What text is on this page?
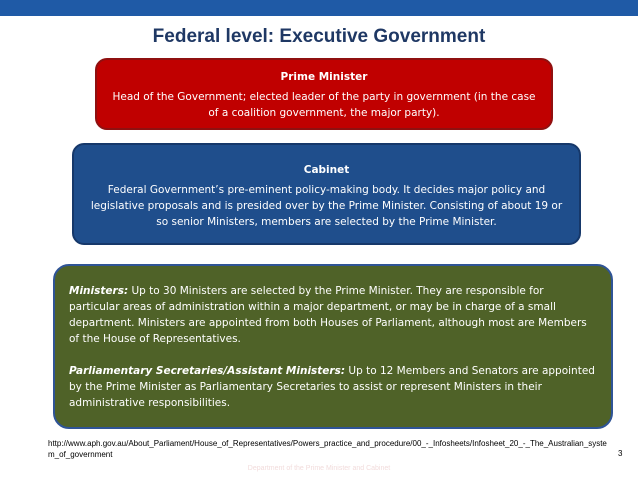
Federal level: Executive Government
Prime Minister
Head of the Government; elected leader of the party in government (in the case of a coalition government, the major party).
Cabinet
Federal Government’s pre-eminent policy-making body. It decides major policy and legislative proposals and is presided over by the Prime Minister. Consisting of about 19 or so senior Ministers, members are selected by the Prime Minister.

Ministers: Up to 30 Ministers are selected by the Prime Minister. They are responsible for particular areas of administration within a major department, or may be in charge of a small department. Ministers are appointed from both Houses of Parliament, although most are Members of the House of Representatives.

Parliamentary Secretaries/Assistant Ministers: Up to 12 Members and Senators are appointed by the Prime Minister as Parliamentary Secretaries to assist or represent Ministers in their administrative responsibilities.

http://www.aph.gov.au/About_Parliament/House_of_Representatives/Powers_practice_and_procedure/00_-_Infosheets/Infosheet_20_-_The_Australian_system_of_government	3
Department of the Prime Minister and Cabinet
